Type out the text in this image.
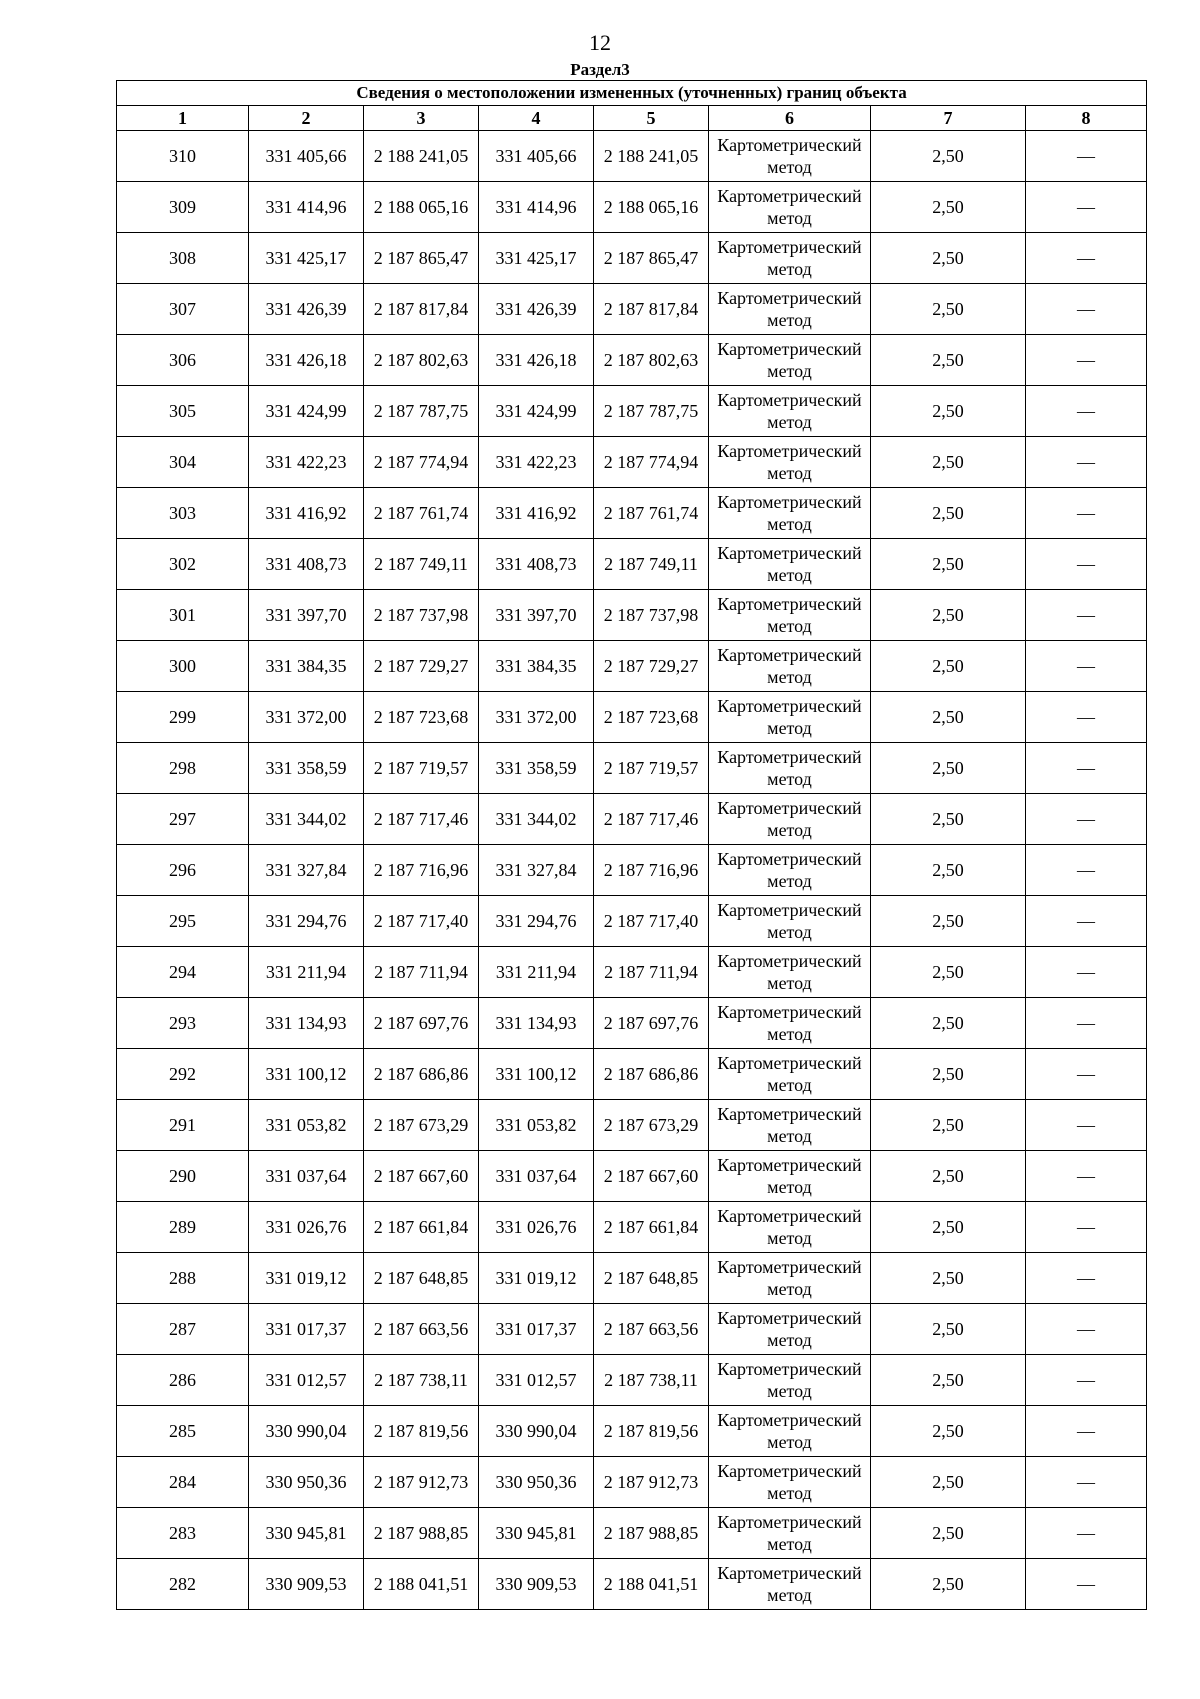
12
Раздел3
Сведения о местоположении измененных (уточненных) границ объекта							
1	2	3	4	5	6	7	8
310	331 405,66	2 188 241,05	331 405,66	2 188 241,05	Картометрический метод	2,50	—
309	331 414,96	2 188 065,16	331 414,96	2 188 065,16	Картометрический метод	2,50	—
308	331 425,17	2 187 865,47	331 425,17	2 187 865,47	Картометрический метод	2,50	—
307	331 426,39	2 187 817,84	331 426,39	2 187 817,84	Картометрический метод	2,50	—
306	331 426,18	2 187 802,63	331 426,18	2 187 802,63	Картометрический метод	2,50	—
305	331 424,99	2 187 787,75	331 424,99	2 187 787,75	Картометрический метод	2,50	—
304	331 422,23	2 187 774,94	331 422,23	2 187 774,94	Картометрический метод	2,50	—
303	331 416,92	2 187 761,74	331 416,92	2 187 761,74	Картометрический метод	2,50	—
302	331 408,73	2 187 749,11	331 408,73	2 187 749,11	Картометрический метод	2,50	—
301	331 397,70	2 187 737,98	331 397,70	2 187 737,98	Картометрический метод	2,50	—
300	331 384,35	2 187 729,27	331 384,35	2 187 729,27	Картометрический метод	2,50	—
299	331 372,00	2 187 723,68	331 372,00	2 187 723,68	Картометрический метод	2,50	—
298	331 358,59	2 187 719,57	331 358,59	2 187 719,57	Картометрический метод	2,50	—
297	331 344,02	2 187 717,46	331 344,02	2 187 717,46	Картометрический метод	2,50	—
296	331 327,84	2 187 716,96	331 327,84	2 187 716,96	Картометрический метод	2,50	—
295	331 294,76	2 187 717,40	331 294,76	2 187 717,40	Картометрический метод	2,50	—
294	331 211,94	2 187 711,94	331 211,94	2 187 711,94	Картометрический метод	2,50	—
293	331 134,93	2 187 697,76	331 134,93	2 187 697,76	Картометрический метод	2,50	—
292	331 100,12	2 187 686,86	331 100,12	2 187 686,86	Картометрический метод	2,50	—
291	331 053,82	2 187 673,29	331 053,82	2 187 673,29	Картометрический метод	2,50	—
290	331 037,64	2 187 667,60	331 037,64	2 187 667,60	Картометрический метод	2,50	—
289	331 026,76	2 187 661,84	331 026,76	2 187 661,84	Картометрический метод	2,50	—
288	331 019,12	2 187 648,85	331 019,12	2 187 648,85	Картометрический метод	2,50	—
287	331 017,37	2 187 663,56	331 017,37	2 187 663,56	Картометрический метод	2,50	—
286	331 012,57	2 187 738,11	331 012,57	2 187 738,11	Картометрический метод	2,50	—
285	330 990,04	2 187 819,56	330 990,04	2 187 819,56	Картометрический метод	2,50	—
284	330 950,36	2 187 912,73	330 950,36	2 187 912,73	Картометрический метод	2,50	—
283	330 945,81	2 187 988,85	330 945,81	2 187 988,85	Картометрический метод	2,50	—
282	330 909,53	2 188 041,51	330 909,53	2 188 041,51	Картометрический метод	2,50	—
